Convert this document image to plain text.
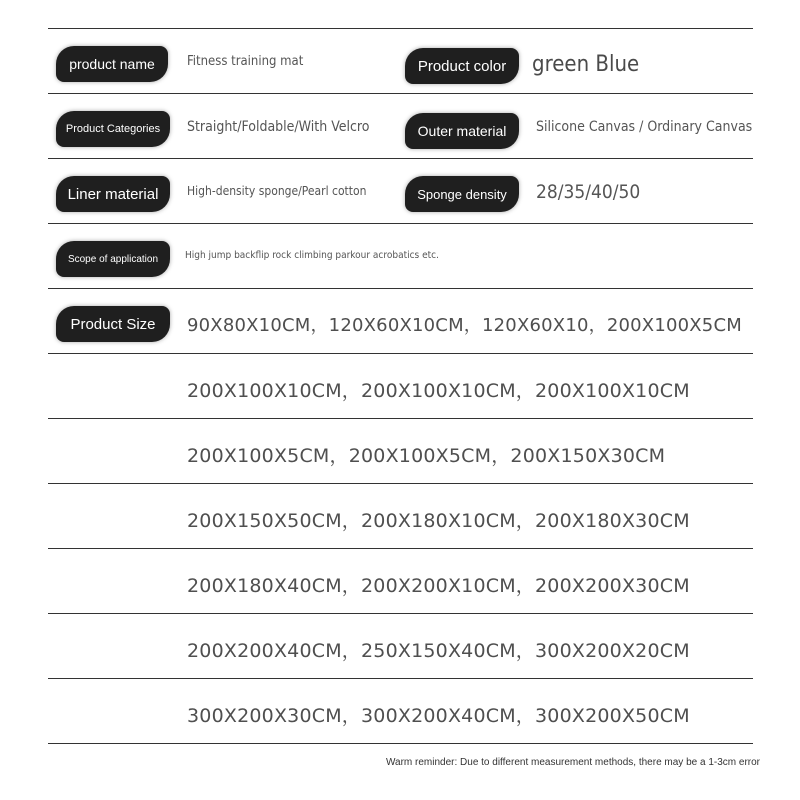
product name Fitness training mat	Product color green Blue
Product Categories Straight/Foldable/With Velcro	Outer material Silicone Canvas / Ordinary Canvas
Liner material High-density sponge/Pearl cotton	Sponge density 28/35/40/50
Scope of application	High jump backflip rock climbing parkour acrobatics etc.
Product Size 90X80X10CM，120X60X10CM，120X60X10，200X100X5CM
200X100X10CM，200X100X10CM，200X100X10CM
200X100X5CM，200X100X5CM，200X150X30CM
200X150X50CM，200X180X10CM，200X180X30CM
200X180X40CM，200X200X10CM，200X200X30CM
200X200X40CM，250X150X40CM，300X200X20CM
300X200X30CM，300X200X40CM，300X200X50CM
Warm reminder: Due to different measurement methods, there may be a 1-3cm error
